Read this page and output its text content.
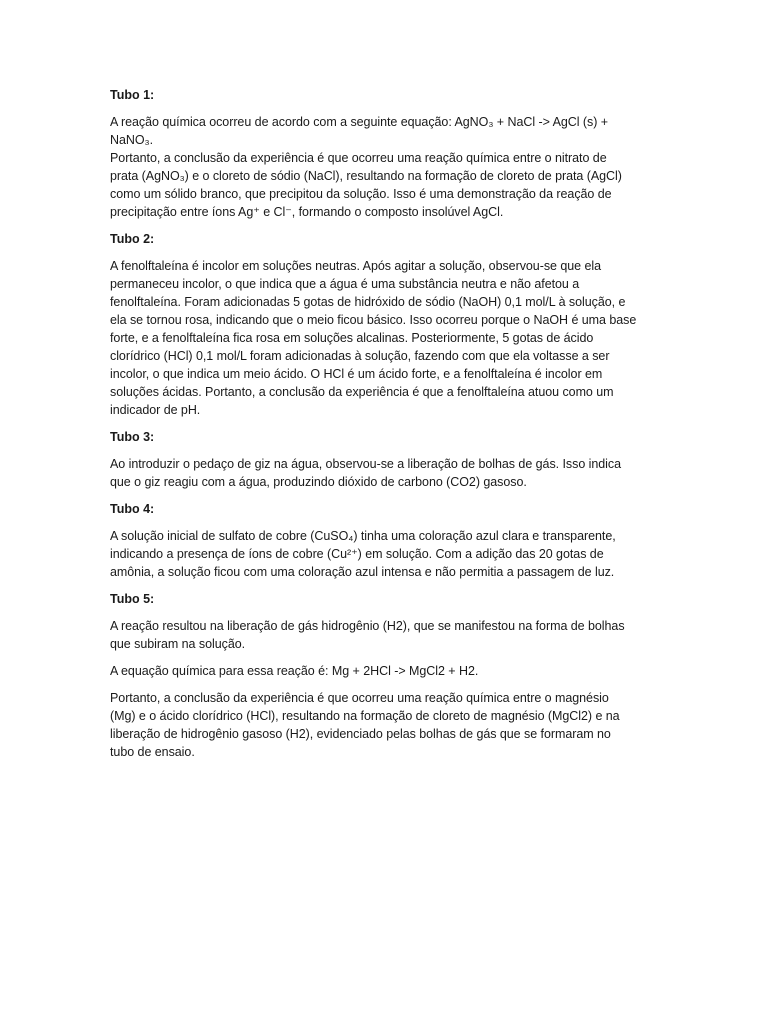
Tubo 1:
A reação química ocorreu de acordo com a seguinte equação: AgNO₃ + NaCl -> AgCl (s) +
NaNO₃.
Portanto, a conclusão da experiência é que ocorreu uma reação química entre o nitrato de
prata (AgNO₃) e o cloreto de sódio (NaCl), resultando na formação de cloreto de prata (AgCl)
como um sólido branco, que precipitou da solução. Isso é uma demonstração da reação de
precipitação entre íons Ag⁺ e Cl⁻, formando o composto insolúvel AgCl.
Tubo 2:
A fenolftaleína é incolor em soluções neutras. Após agitar a solução, observou-se que ela
permaneceu incolor, o que indica que a água é uma substância neutra e não afetou a
fenolftaleína. Foram adicionadas 5 gotas de hidróxido de sódio (NaOH) 0,1 mol/L à solução, e
ela se tornou rosa, indicando que o meio ficou básico. Isso ocorreu porque o NaOH é uma base
forte, e a fenolftaleína fica rosa em soluções alcalinas. Posteriormente, 5 gotas de ácido
clorídrico (HCl) 0,1 mol/L foram adicionadas à solução, fazendo com que ela voltasse a ser
incolor, o que indica um meio ácido. O HCl é um ácido forte, e a fenolftaleína é incolor em
soluções ácidas. Portanto, a conclusão da experiência é que a fenolftaleína atuou como um
indicador de pH.
Tubo 3:
Ao introduzir o pedaço de giz na água, observou-se a liberação de bolhas de gás. Isso indica
que o giz reagiu com a água, produzindo dióxido de carbono (CO2) gasoso.
Tubo 4:
A solução inicial de sulfato de cobre (CuSO₄) tinha uma coloração azul clara e transparente,
indicando a presença de íons de cobre (Cu²⁺) em solução. Com a adição das 20 gotas de
amônia, a solução ficou com uma coloração azul intensa e não permitia a passagem de luz.
Tubo 5:
A reação resultou na liberação de gás hidrogênio (H2), que se manifestou na forma de bolhas
que subiram na solução.
A equação química para essa reação é: Mg + 2HCl -> MgCl2 + H2.
Portanto, a conclusão da experiência é que ocorreu uma reação química entre o magnésio
(Mg) e o ácido clorídrico (HCl), resultando na formação de cloreto de magnésio (MgCl2) e na
liberação de hidrogênio gasoso (H2), evidenciado pelas bolhas de gás que se formaram no
tubo de ensaio.
